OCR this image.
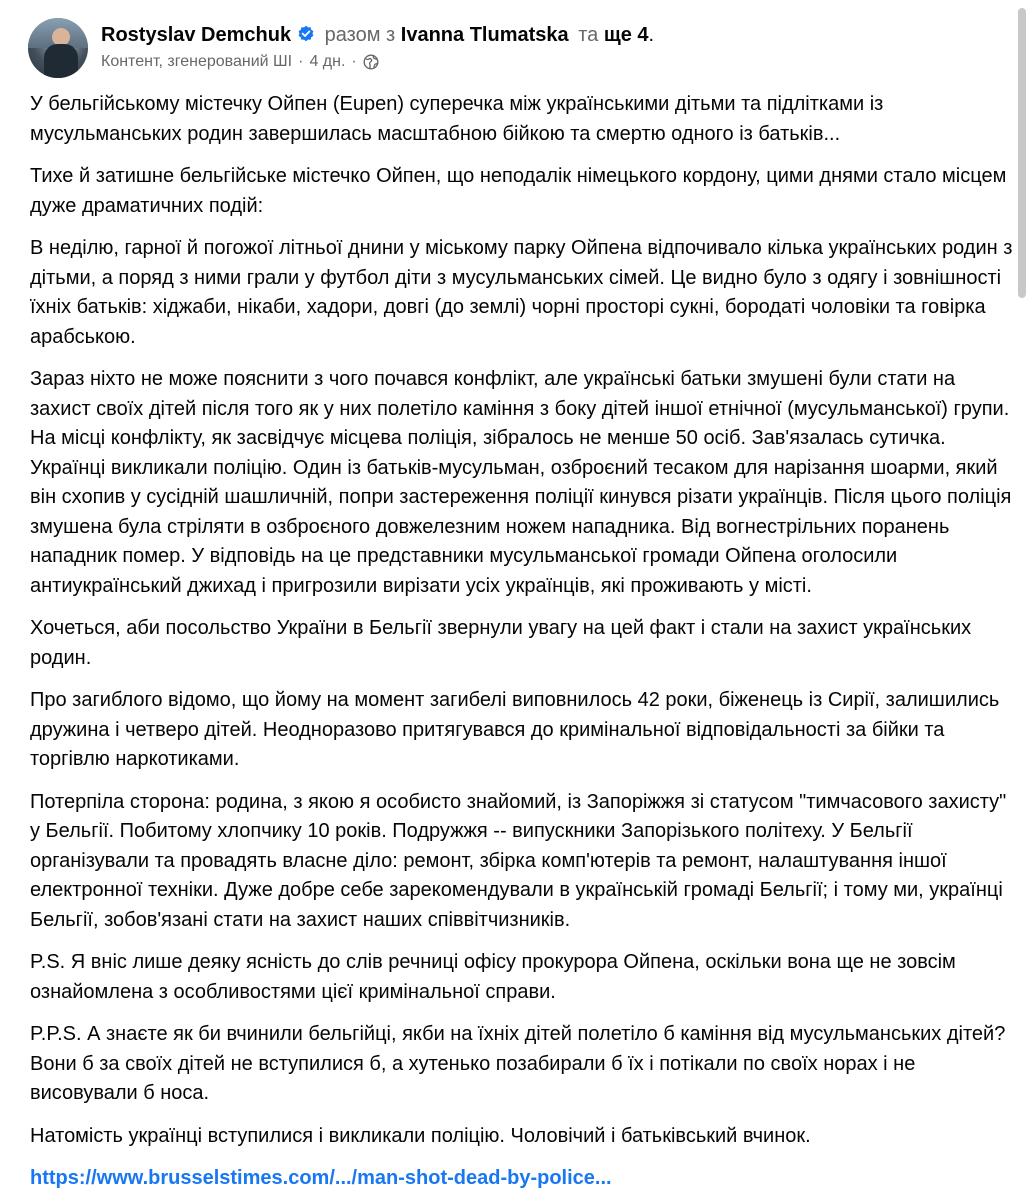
Rostyslav Demchuk разом з Ivanna Tlumatska та ще 4.
Контент, згенерований ШІ · 4 дн. ·

У бельгійському містечку Ойпен (Eupen) суперечка між українськими дітьми та підлітками із мусульманських родин завершилась масштабною бійкою та смертю одного із батьків...

Тихе й затишне бельгійське містечко Ойпен, що неподалік німецького кордону, цими днями стало місцем дуже драматичних подій:

В неділю, гарної й погожої літньої днини у міському парку Ойпена відпочивало кілька українських родин з дітьми, а поряд з ними грали у футбол діти з мусульманських сімей. Це видно було з одягу і зовнішності їхніх батьків: хіджаби, нікаби, хадори, довгі (до землі) чорні просторі сукні, бородаті чоловіки та говірка арабською.

Зараз ніхто не може пояснити з чого почався конфлікт, але українські батьки змушені були стати на захист своїх дітей після того як у них полетіло каміння з боку дітей іншої етнічної (мусульманської) групи. На місці конфлікту, як засвідчує місцева поліція, зібралось не менше 50 осіб. Зав'язалась сутичка. Українці викликали поліцію. Один із батьків-мусульман, озброєний тесаком для нарізання шоарми, який він схопив у сусідній шашличній, попри застереження поліції кинувся різати українців. Після цього поліція змушена була стріляти в озброєного довжелезним ножем нападника. Від вогнестрільних поранень нападник помер. У відповідь на це представники мусульманської громади Ойпена оголосили антиукраїнський джихад і пригрозили вирізати усіх українців, які проживають у місті.

Хочеться, аби посольство України в Бельгії звернули увагу на цей факт і стали на захист українських родин.

Про загиблого відомо, що йому на момент загибелі виповнилось 42 роки, біженець із Сирії, залишились дружина і четверо дітей. Неодноразово притягувався до кримінальної відповідальності за бійки та торгівлю наркотиками.

Потерпіла сторона: родина, з якою я особисто знайомий, із Запоріжжя зі статусом "тимчасового захисту" у Бельгії. Побитому хлопчику 10 років. Подружжя -- випускники Запорізького політеху. У Бельгії організували та провадять власне діло: ремонт, збірка комп'ютерів та ремонт, налаштування іншої електронної техніки. Дуже добре себе зарекомендували в українській громаді Бельгії; і тому ми, українці Бельгії, зобов'язані стати на захист наших співвітчизників.

P.S. Я вніс лише деяку ясність до слів речниці офісу прокурора Ойпена, оскільки вона ще не зовсім ознайомлена з особливостями цієї кримінальної справи.

P.P.S. А знаєте як би вчинили бельгійці, якби на їхніх дітей полетіло б каміння від мусульманських дітей? Вони б за своїх дітей не вступилися б, а хутенько позабирали б їх і потікали по своїх норах і не висовували б носа.

Натомість українці вступилися і викликали поліцію. Чоловічий і батьківський вчинок.

https://www.brusselstimes.com/.../man-shot-dead-by-police...
